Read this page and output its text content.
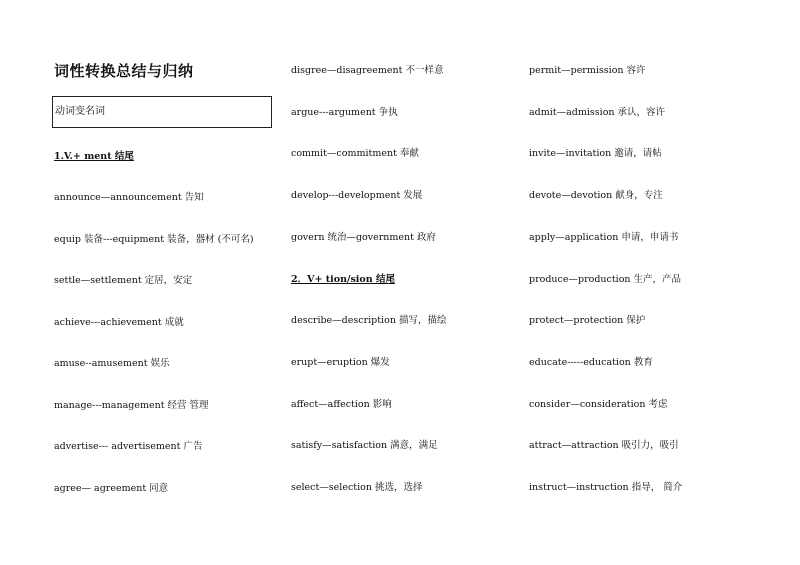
词性转换总结与归纳
动词变名词
1.V.+ ment 结尾
announce—announcement 告知
equip 装备---equipment 装备，器材 (不可名)
settle—settlement 定居，安定
achieve---achievement 成就
amuse--amusement 娱乐
manage---management 经营 管理
advertise--- advertisement 广告
agree— agreement 同意
disgree—disagreement 不一样意
argue---argument 争执
commit—commitment 奉献
develop---development 发展
govern 统治—government 政府
2．V+ tion/sion 结尾
describe—description 描写，描绘
erupt—eruption 爆发
affect—affection 影响
satisfy—satisfaction 满意，满足
select—selection 挑选，选择
permit—permission 容许
admit—admission 承认，容许
invite—invitation 邀请，请帖
devote—devotion 献身，专注
apply—application 申请，申请书
produce—production 生产，产品
protect—protection 保护
educate-----education 教育
consider—consideration 考虑
attract—attraction 吸引力，吸引
instruct—instruction 指导， 简介
